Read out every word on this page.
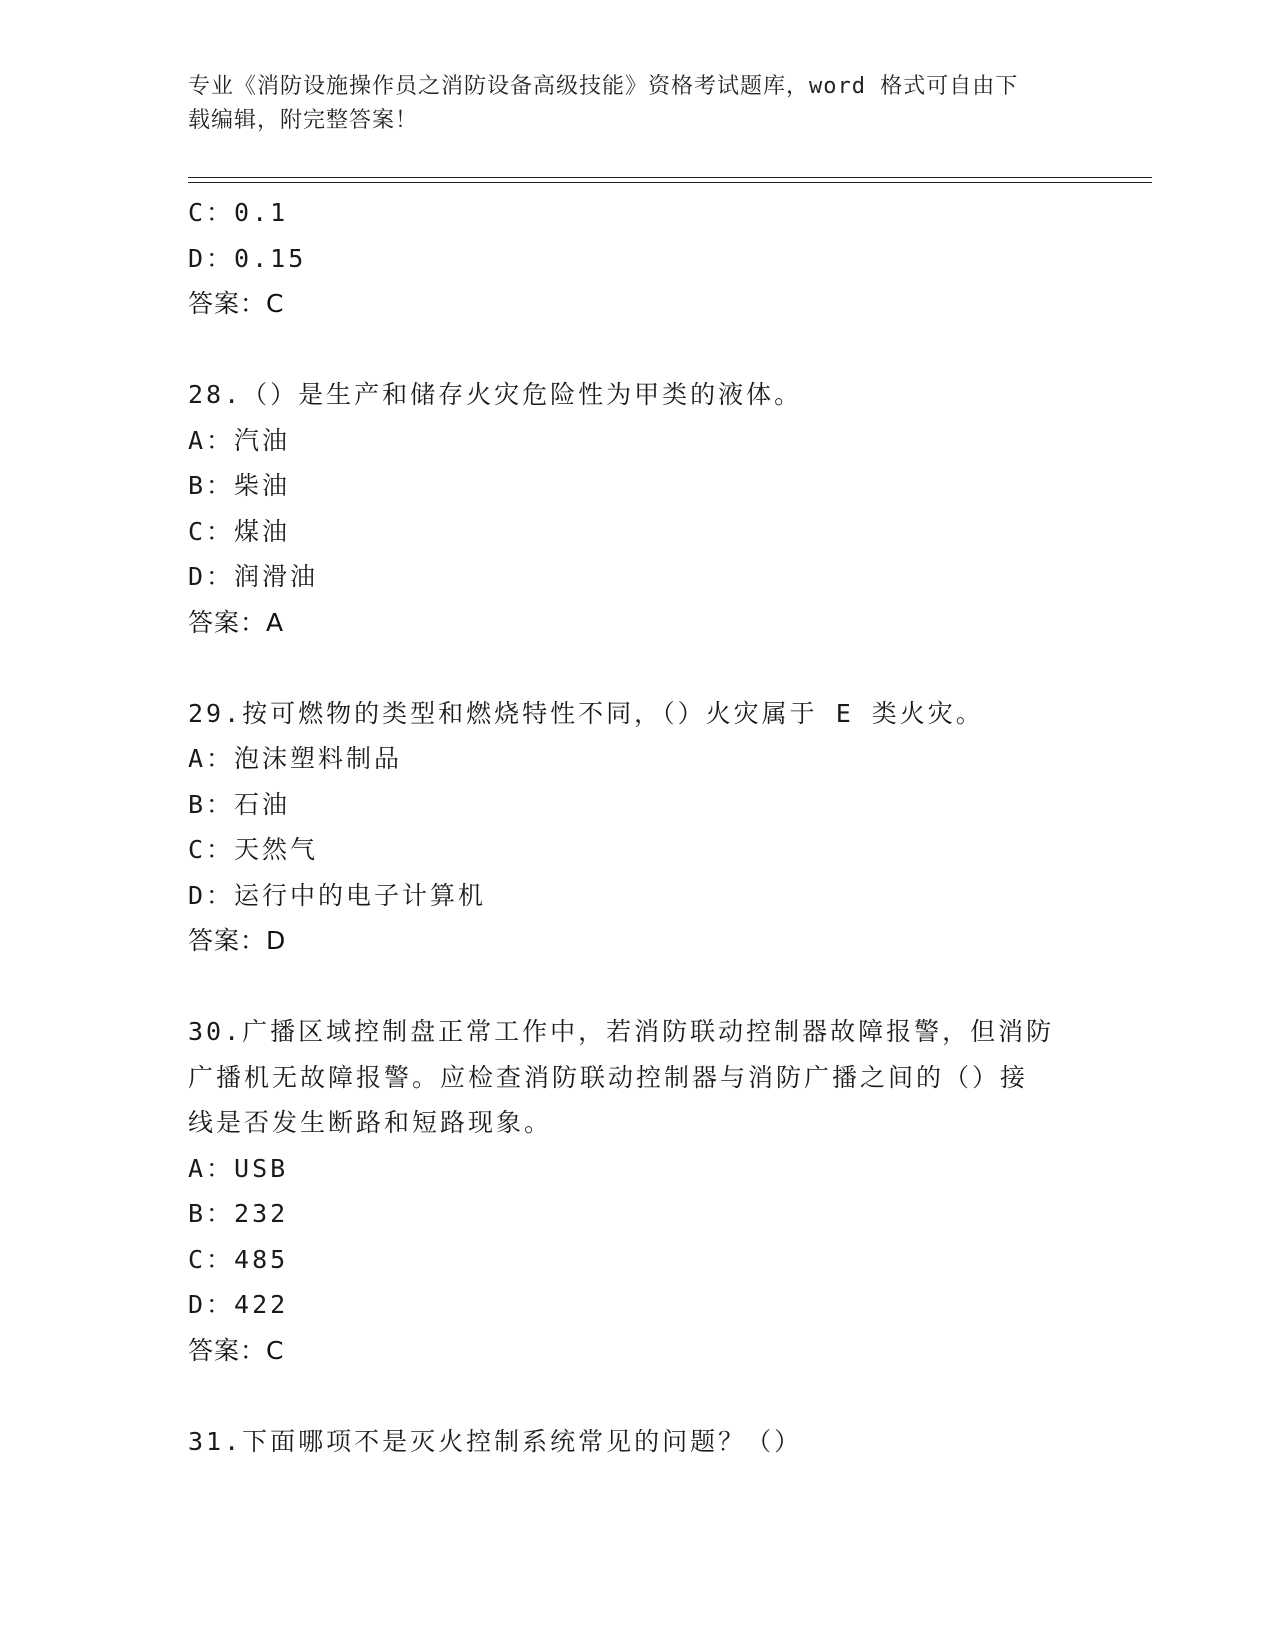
专业《消防设施操作员之消防设备高级技能》资格考试题库，word 格式可自由下
载编辑，附完整答案！
C：0.1
D：0.15
答案：C
28.（）是生产和储存火灾危险性为甲类的液体。
A：汽油
B：柴油
C：煤油
D：润滑油
答案：A
29.按可燃物的类型和燃烧特性不同，（）火灾属于 E 类火灾。
A：泡沫塑料制品
B：石油
C：天然气
D：运行中的电子计算机
答案：D
30.广播区域控制盘正常工作中，若消防联动控制器故障报警，但消防
广播机无故障报警。应检查消防联动控制器与消防广播之间的（）接
线是否发生断路和短路现象。
A：USB
B：232
C：485
D：422
答案：C
31.下面哪项不是灭火控制系统常见的问题？（）
